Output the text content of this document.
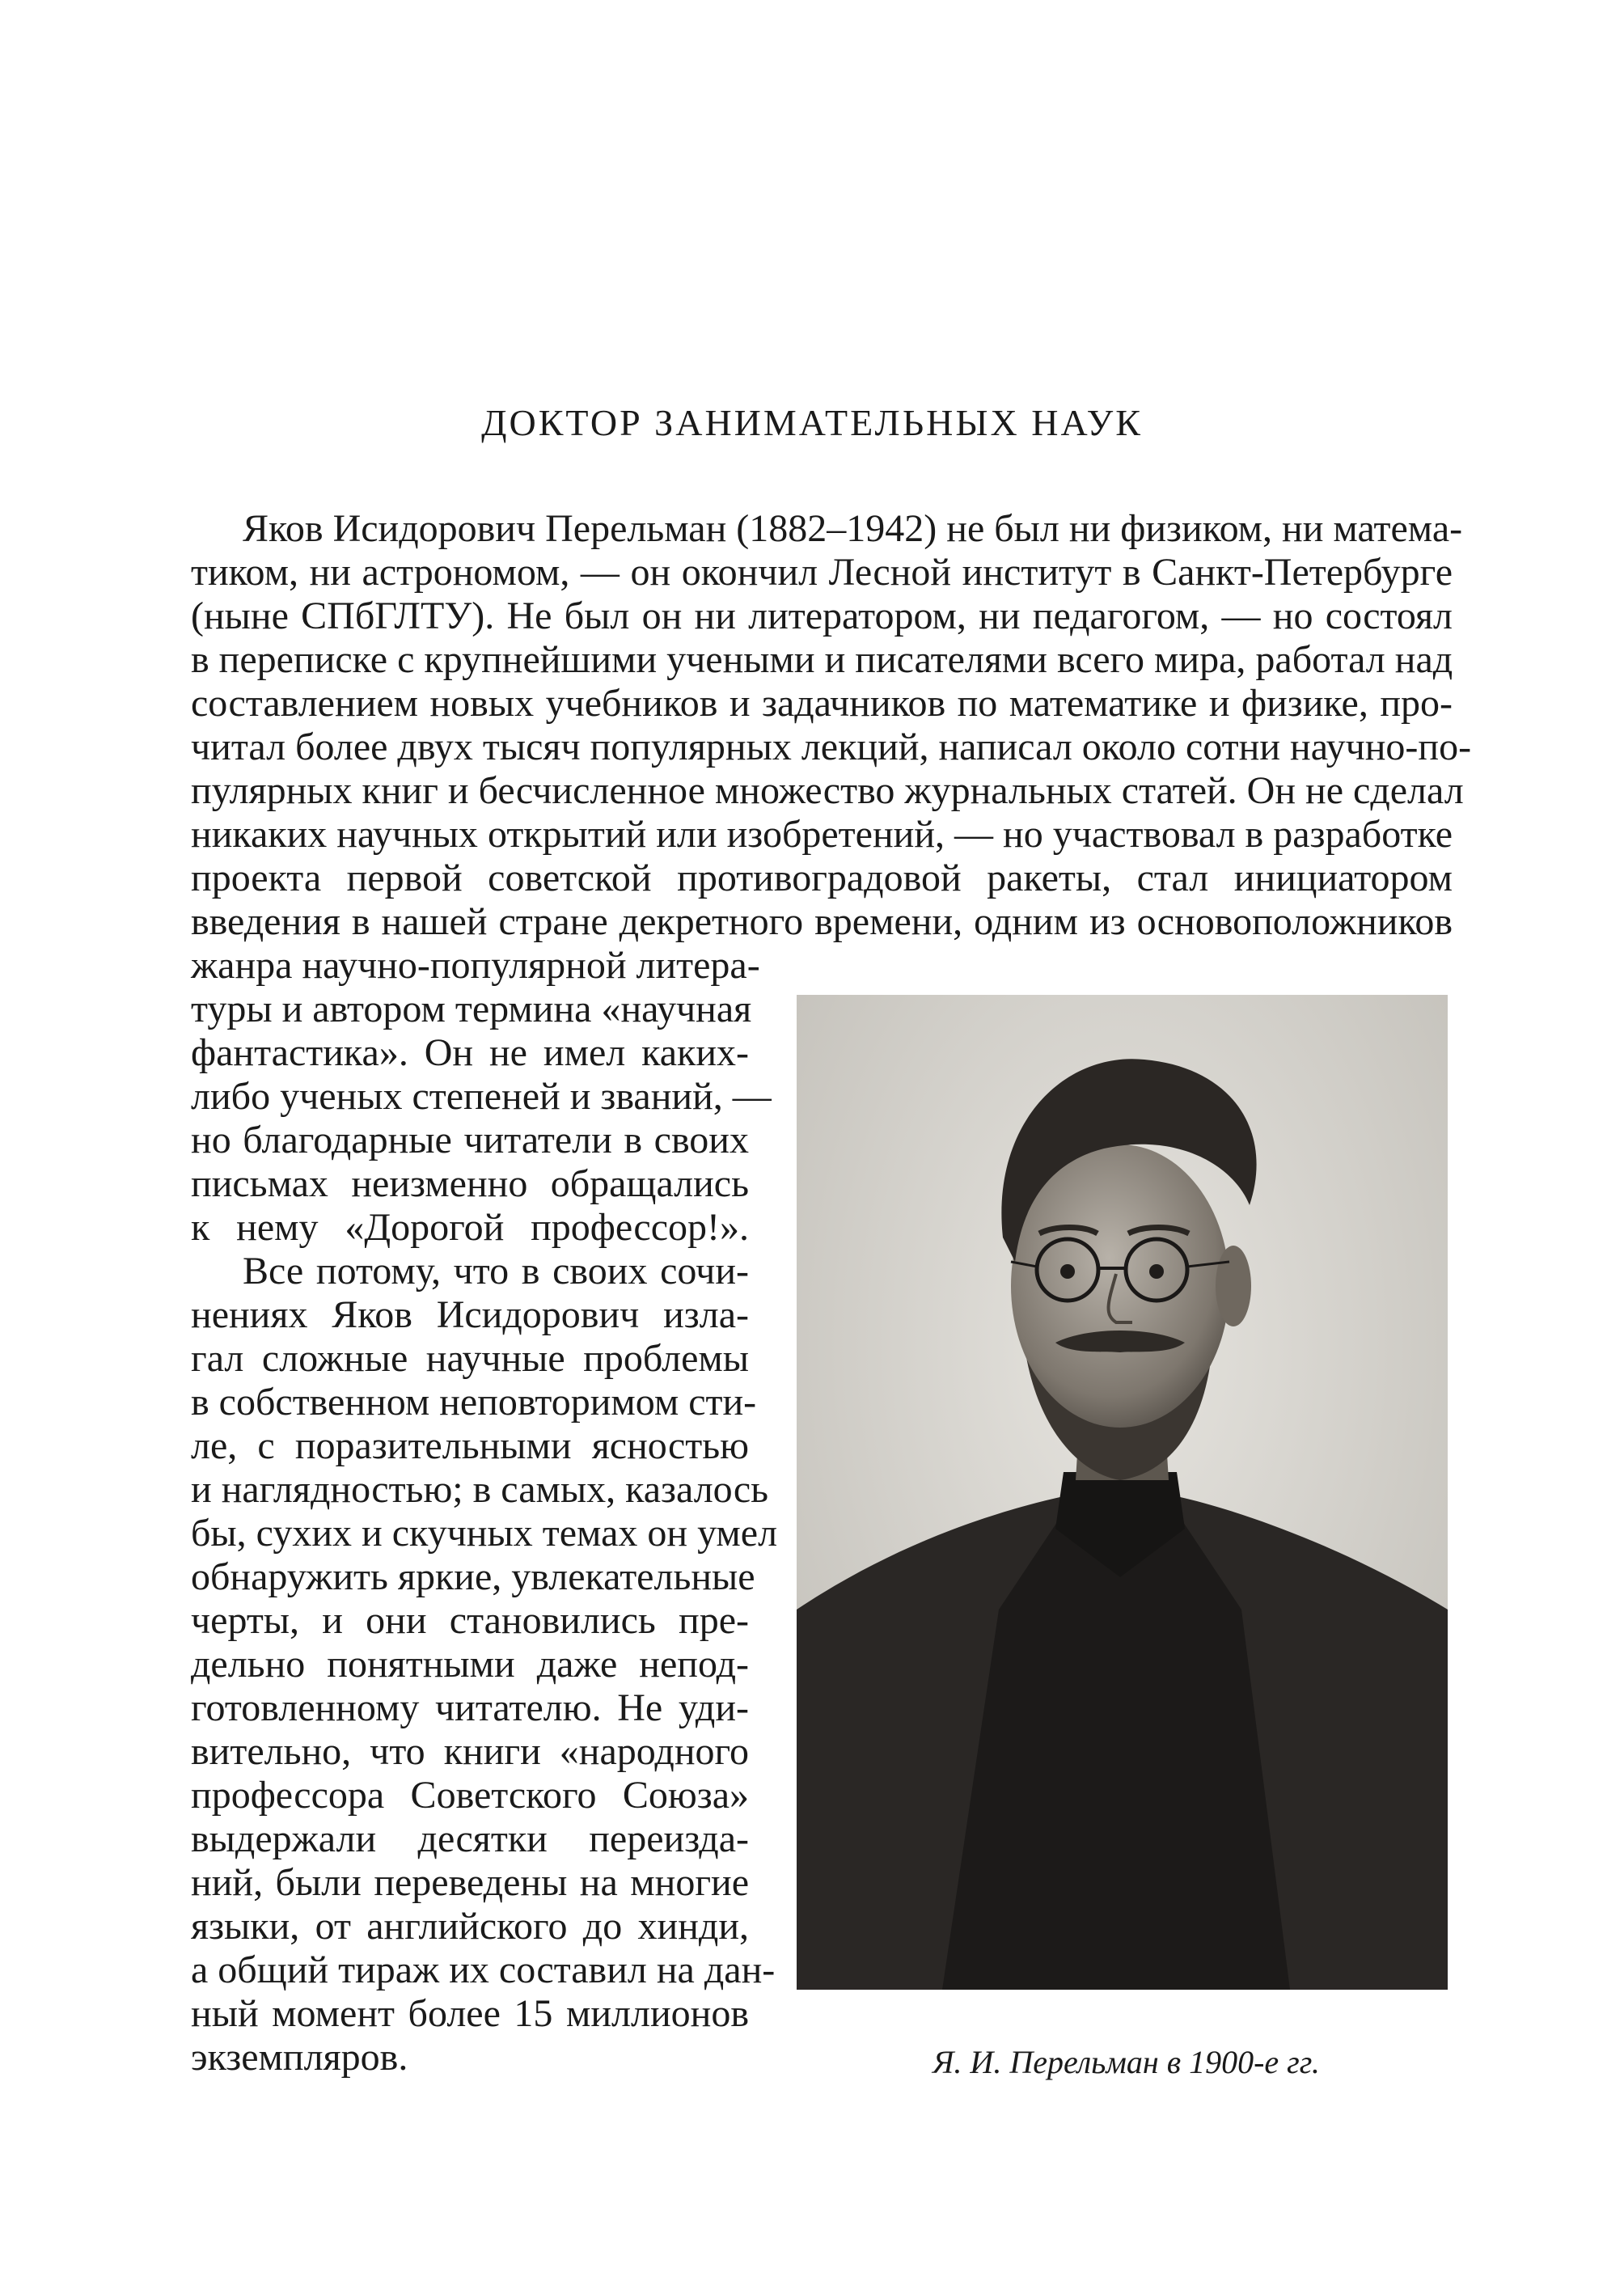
ДОКТОР ЗАНИМАТЕЛЬНЫХ НАУК
Яков Исидорович Перельман (1882–1942) не был ни физиком, ни матема-
тиком, ни астрономом, — он окончил Лесной институт в Санкт-Петербурге
(ныне СПбГЛТУ). Не был он ни литератором, ни педагогом, — но состоял
в переписке с крупнейшими учеными и писателями всего мира, работал над
составлением новых учебников и задачников по математике и физике, про-
читал более двух тысяч популярных лекций, написал около сотни научно-по-
пулярных книг и бесчисленное множество журнальных статей. Он не сделал
никаких научных открытий или изобретений, — но участвовал в разработке
проекта первой советской противоградовой ракеты, стал инициатором
введения в нашей стране декретного времени, одним из основоположников
жанра научно-популярной литера-
туры и автором термина «научная
фантастика». Он не имел каких-
либо ученых степеней и званий, —
но благодарные читатели в своих
письмах неизменно обращались
к нему «Дорогой профессор!».
Все потому, что в своих сочи-
нениях Яков Исидорович изла-
гал сложные научные проблемы
в собственном неповторимом сти-
ле, с поразительными ясностью
и наглядностью; в самых, казалось
бы, сухих и скучных темах он умел
обнаружить яркие, увлекательные
черты, и они становились пре-
дельно понятными даже непод-
готовленному читателю. Не уди-
вительно, что книги «народного
профессора Советского Союза»
выдержали десятки переизда-
ний, были переведены на многие
языки, от английского до хинди,
а общий тираж их составил на дан-
ный момент более 15 миллионов
экземпляров.	Я. И. Перельман в 1900-е гг.
